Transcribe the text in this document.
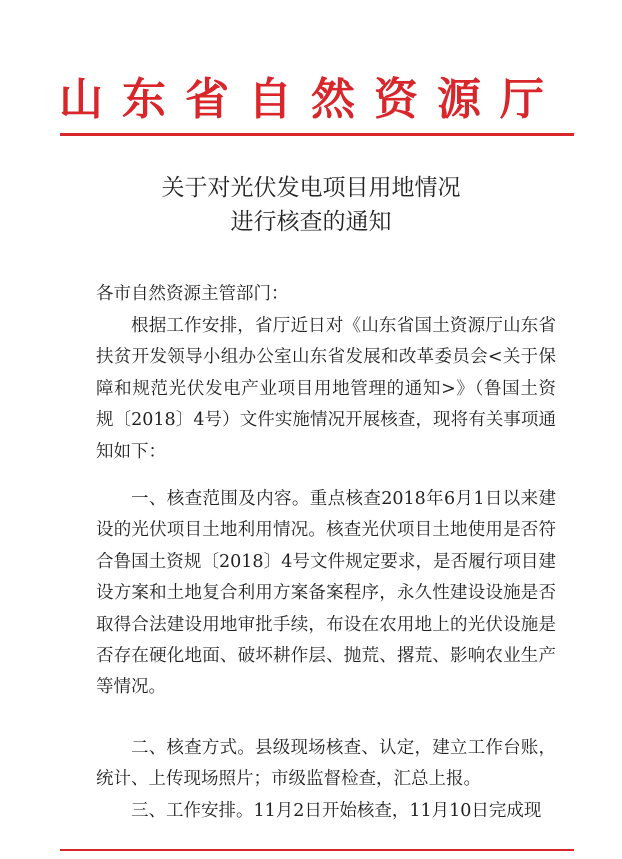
山东省自然资源厅
关于对光伏发电项目用地情况
进行核查的通知

各市自然资源主管部门：

根据工作安排，省厅近日对《山东省国土资源厅山东省扶贫开发领导小组办公室山东省发展和改革委员会<关于保障和规范光伏发电产业项目用地管理的通知>》（鲁国土资规〔2018〕4号）文件实施情况开展核查，现将有关事项通知如下：

一、核查范围及内容。重点核查2018年6月1日以来建设的光伏项目土地利用情况。核查光伏项目土地使用是否符合鲁国土资规〔2018〕4号文件规定要求，是否履行项目建设方案和土地复合利用方案备案程序，永久性建设设施是否取得合法建设用地审批手续，布设在农用地上的光伏设施是否存在硬化地面、破坏耕作层、抛荒、撂荒、影响农业生产等情况。

二、核查方式。县级现场核查、认定，建立工作台账，统计、上传现场照片；市级监督检查，汇总上报。

三、工作安排。11月2日开始核查，11月10日完成现
